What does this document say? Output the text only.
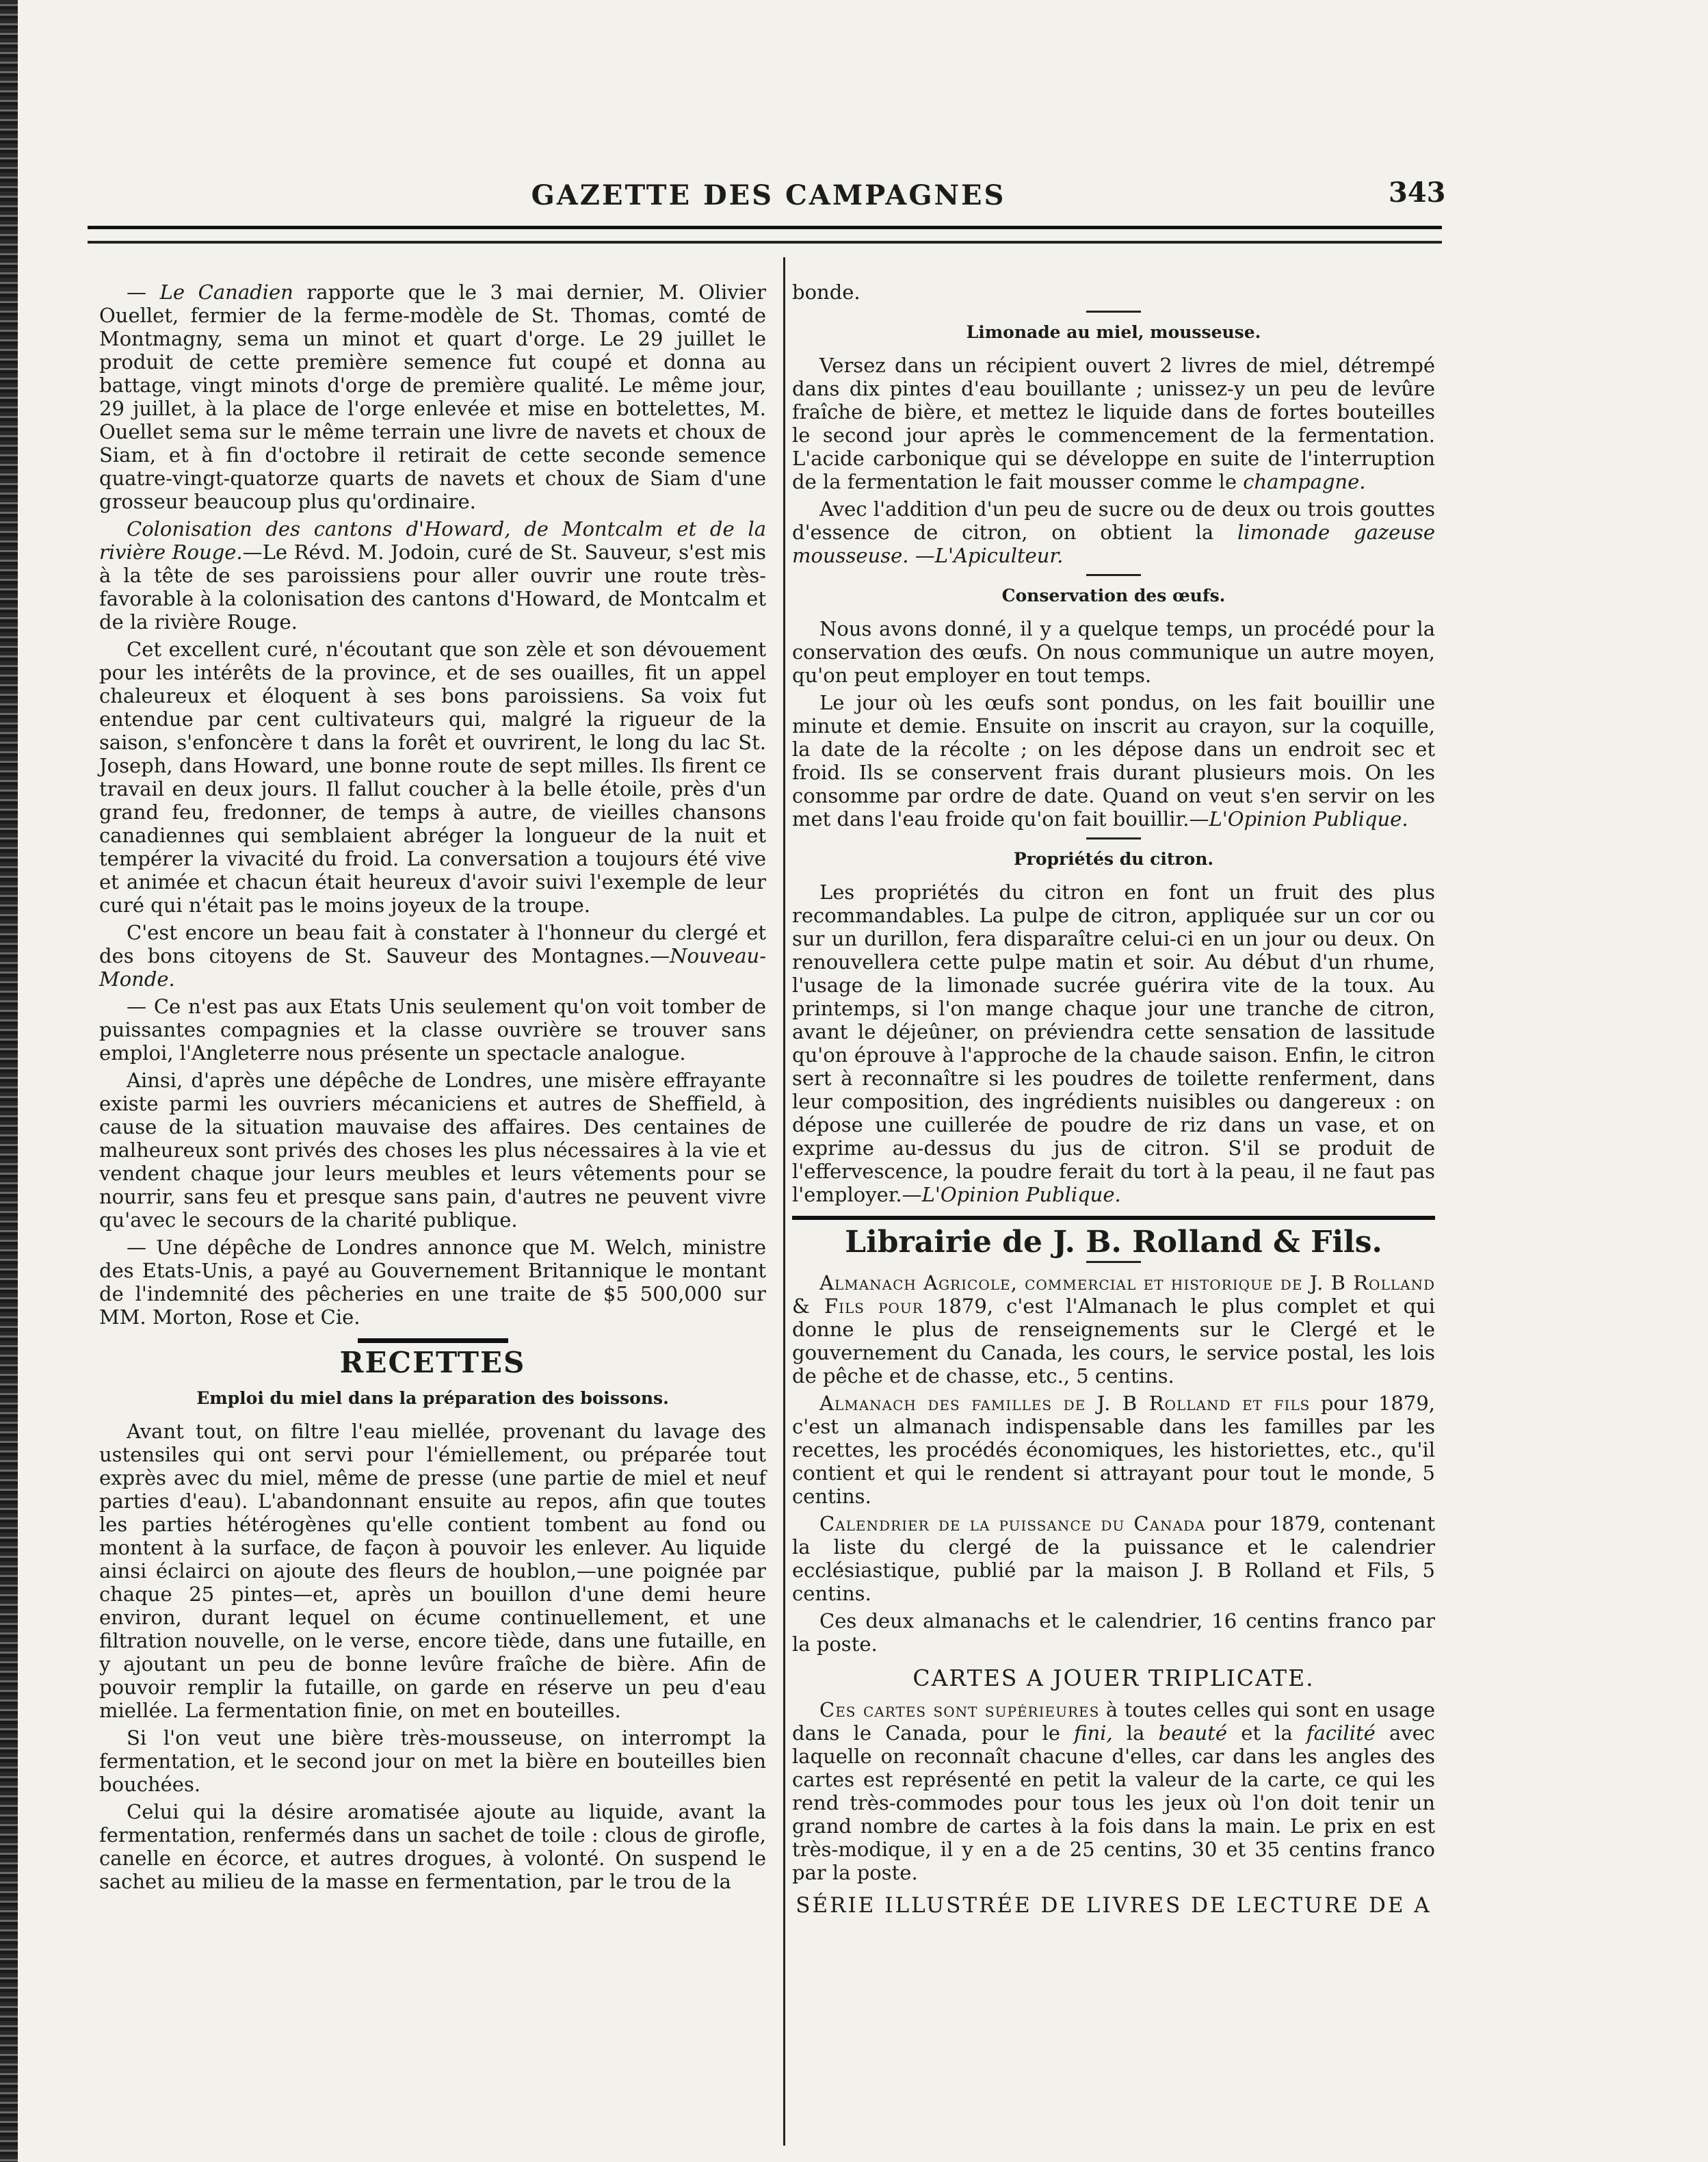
GAZETTE DES CAMPAGNES	343

— Le Canadien rapporte que le 3 mai dernier, M. Olivier Ouellet, fermier de la ferme-modèle de St. Thomas, comté de Montmagny, sema un minot et quart d'orge. Le 29 juillet le produit de cette première semence fut coupé et donna au battage, vingt minots d'orge de première qualité. Le même jour, 29 juillet, à la place de l'orge enlevée et mise en bottelettes, M. Ouellet sema sur le même terrain une livre de navets et choux de Siam, et à fin d'octobre il retirait de cette seconde semence quatre-vingt-quatorze quarts de navets et choux de Siam d'une grosseur beaucoup plus qu'ordinaire.

Colonisation des cantons d'Howard, de Montcalm et de la rivière Rouge.—Le Révd. M. Jodoin, curé de St. Sauveur, s'est mis à la tête de ses paroissiens pour aller ouvrir une route très-favorable à la colonisation des cantons d'Howard, de Montcalm et de la rivière Rouge.

Cet excellent curé, n'écoutant que son zèle et son dévouement pour les intérêts de la province, et de ses ouailles, fit un appel chaleureux et éloquent à ses bons paroissiens. Sa voix fut entendue par cent cultivateurs qui, malgré la rigueur de la saison, s'enfoncère t dans la forêt et ouvrirent, le long du lac St. Joseph, dans Howard, une bonne route de sept milles. Ils firent ce travail en deux jours. Il fallut coucher à la belle étoile, près d'un grand feu, fredonner, de temps à autre, de vieilles chansons canadiennes qui semblaient abréger la longueur de la nuit et tempérer la vivacité du froid. La conversation a toujours été vive et animée et chacun était heureux d'avoir suivi l'exemple de leur curé qui n'était pas le moins joyeux de la troupe.

C'est encore un beau fait à constater à l'honneur du clergé et des bons citoyens de St. Sauveur des Montagnes.—Nouveau-Monde.

— Ce n'est pas aux Etats Unis seulement qu'on voit tomber de puissantes compagnies et la classe ouvrière se trouver sans emploi, l'Angleterre nous présente un spectacle analogue.

Ainsi, d'après une dépêche de Londres, une misère effrayante existe parmi les ouvriers mécaniciens et autres de Sheffield, à cause de la situation mauvaise des affaires. Des centaines de malheureux sont privés des choses les plus nécessaires à la vie et vendent chaque jour leurs meubles et leurs vêtements pour se nourrir, sans feu et presque sans pain, d'autres ne peuvent vivre qu'avec le secours de la charité publique.

— Une dépêche de Londres annonce que M. Welch, ministre des Etats-Unis, a payé au Gouvernement Britannique le montant de l'indemnité des pêcheries en une traite de $5 500,000 sur MM. Morton, Rose et Cie.

RECETTES
Emploi du miel dans la préparation des boissons.

Avant tout, on filtre l'eau miellée, provenant du lavage des ustensiles qui ont servi pour l'émiellement, ou préparée tout exprès avec du miel, même de presse (une partie de miel et neuf parties d'eau). L'abandonnant ensuite au repos, afin que toutes les parties hétérogènes qu'elle contient tombent au fond ou montent à la surface, de façon à pouvoir les enlever. Au liquide ainsi éclairci on ajoute des fleurs de houblon,—une poignée par chaque 25 pintes—et, après un bouillon d'une demi heure environ, durant lequel on écume continuellement, et une filtration nouvelle, on le verse, encore tiède, dans une futaille, en y ajoutant un peu de bonne levûre fraîche de bière. Afin de pouvoir remplir la futaille, on garde en réserve un peu d'eau miellée. La fermentation finie, on met en bouteilles.

Si l'on veut une bière très-mousseuse, on interrompt la fermentation, et le second jour on met la bière en bouteilles bien bouchées.

Celui qui la désire aromatisée ajoute au liquide, avant la fermentation, renfermés dans un sachet de toile : clous de girofle, canelle en écorce, et autres drogues, à volonté. On suspend le sachet au milieu de la masse en fermentation, par le trou de la

bonde.

Limonade au miel, mousseuse.

Versez dans un récipient ouvert 2 livres de miel, détrempé dans dix pintes d'eau bouillante ; unissez-y un peu de levûre fraîche de bière, et mettez le liquide dans de fortes bouteilles le second jour après le commencement de la fermentation. L'acide carbonique qui se développe en suite de l'interruption de la fermentation le fait mousser comme le champagne.

Avec l'addition d'un peu de sucre ou de deux ou trois gouttes d'essence de citron, on obtient la limonade gazeuse mousseuse. —L'Apiculteur.

Conservation des œufs.

Nous avons donné, il y a quelque temps, un procédé pour la conservation des œufs. On nous communique un autre moyen, qu'on peut employer en tout temps.

Le jour où les œufs sont pondus, on les fait bouillir une minute et demie. Ensuite on inscrit au crayon, sur la coquille, la date de la récolte ; on les dépose dans un endroit sec et froid. Ils se conservent frais durant plusieurs mois. On les consomme par ordre de date. Quand on veut s'en servir on les met dans l'eau froide qu'on fait bouillir.—L'Opinion Publique.

Propriétés du citron.

Les propriétés du citron en font un fruit des plus recommandables. La pulpe de citron, appliquée sur un cor ou sur un durillon, fera disparaître celui-ci en un jour ou deux. On renouvellera cette pulpe matin et soir. Au début d'un rhume, l'usage de la limonade sucrée guérira vite de la toux. Au printemps, si l'on mange chaque jour une tranche de citron, avant le déjeûner, on préviendra cette sensation de lassitude qu'on éprouve à l'approche de la chaude saison. Enfin, le citron sert à reconnaître si les poudres de toilette renferment, dans leur composition, des ingrédients nuisibles ou dangereux : on dépose une cuillerée de poudre de riz dans un vase, et on exprime au-dessus du jus de citron. S'il se produit de l'effervescence, la poudre ferait du tort à la peau, il ne faut pas l'employer.—L'Opinion Publique.

Librairie de J. B. Rolland & Fils.

Almanach Agricole, commercial et historique de J. B Rolland & Fils pour 1879, c'est l'Almanach le plus complet et qui donne le plus de renseignements sur le Clergé et le gouvernement du Canada, les cours, le service postal, les lois de pêche et de chasse, etc., 5 centins.

Almanach des familles de J. B Rolland et fils pour 1879, c'est un almanach indispensable dans les familles par les recettes, les procédés économiques, les historiettes, etc., qu'il contient et qui le rendent si attrayant pour tout le monde, 5 centins.

Calendrier de la puissance du Canada pour 1879, contenant la liste du clergé de la puissance et le calendrier ecclésiastique, publié par la maison J. B Rolland et Fils, 5 centins.

Ces deux almanachs et le calendrier, 16 centins franco par la poste.

CARTES A JOUER TRIPLICATE.

Ces cartes sont supérieures à toutes celles qui sont en usage dans le Canada, pour le fini, la beauté et la facilité avec laquelle on reconnaît chacune d'elles, car dans les angles des cartes est représenté en petit la valeur de la carte, ce qui les rend très-commodes pour tous les jeux où l'on doit tenir un grand nombre de cartes à la fois dans la main. Le prix en est très-modique, il y en a de 25 centins, 30 et 35 centins franco par la poste.

SÉRIE ILLUSTRÉE DE LIVRES DE LECTURE DE A
